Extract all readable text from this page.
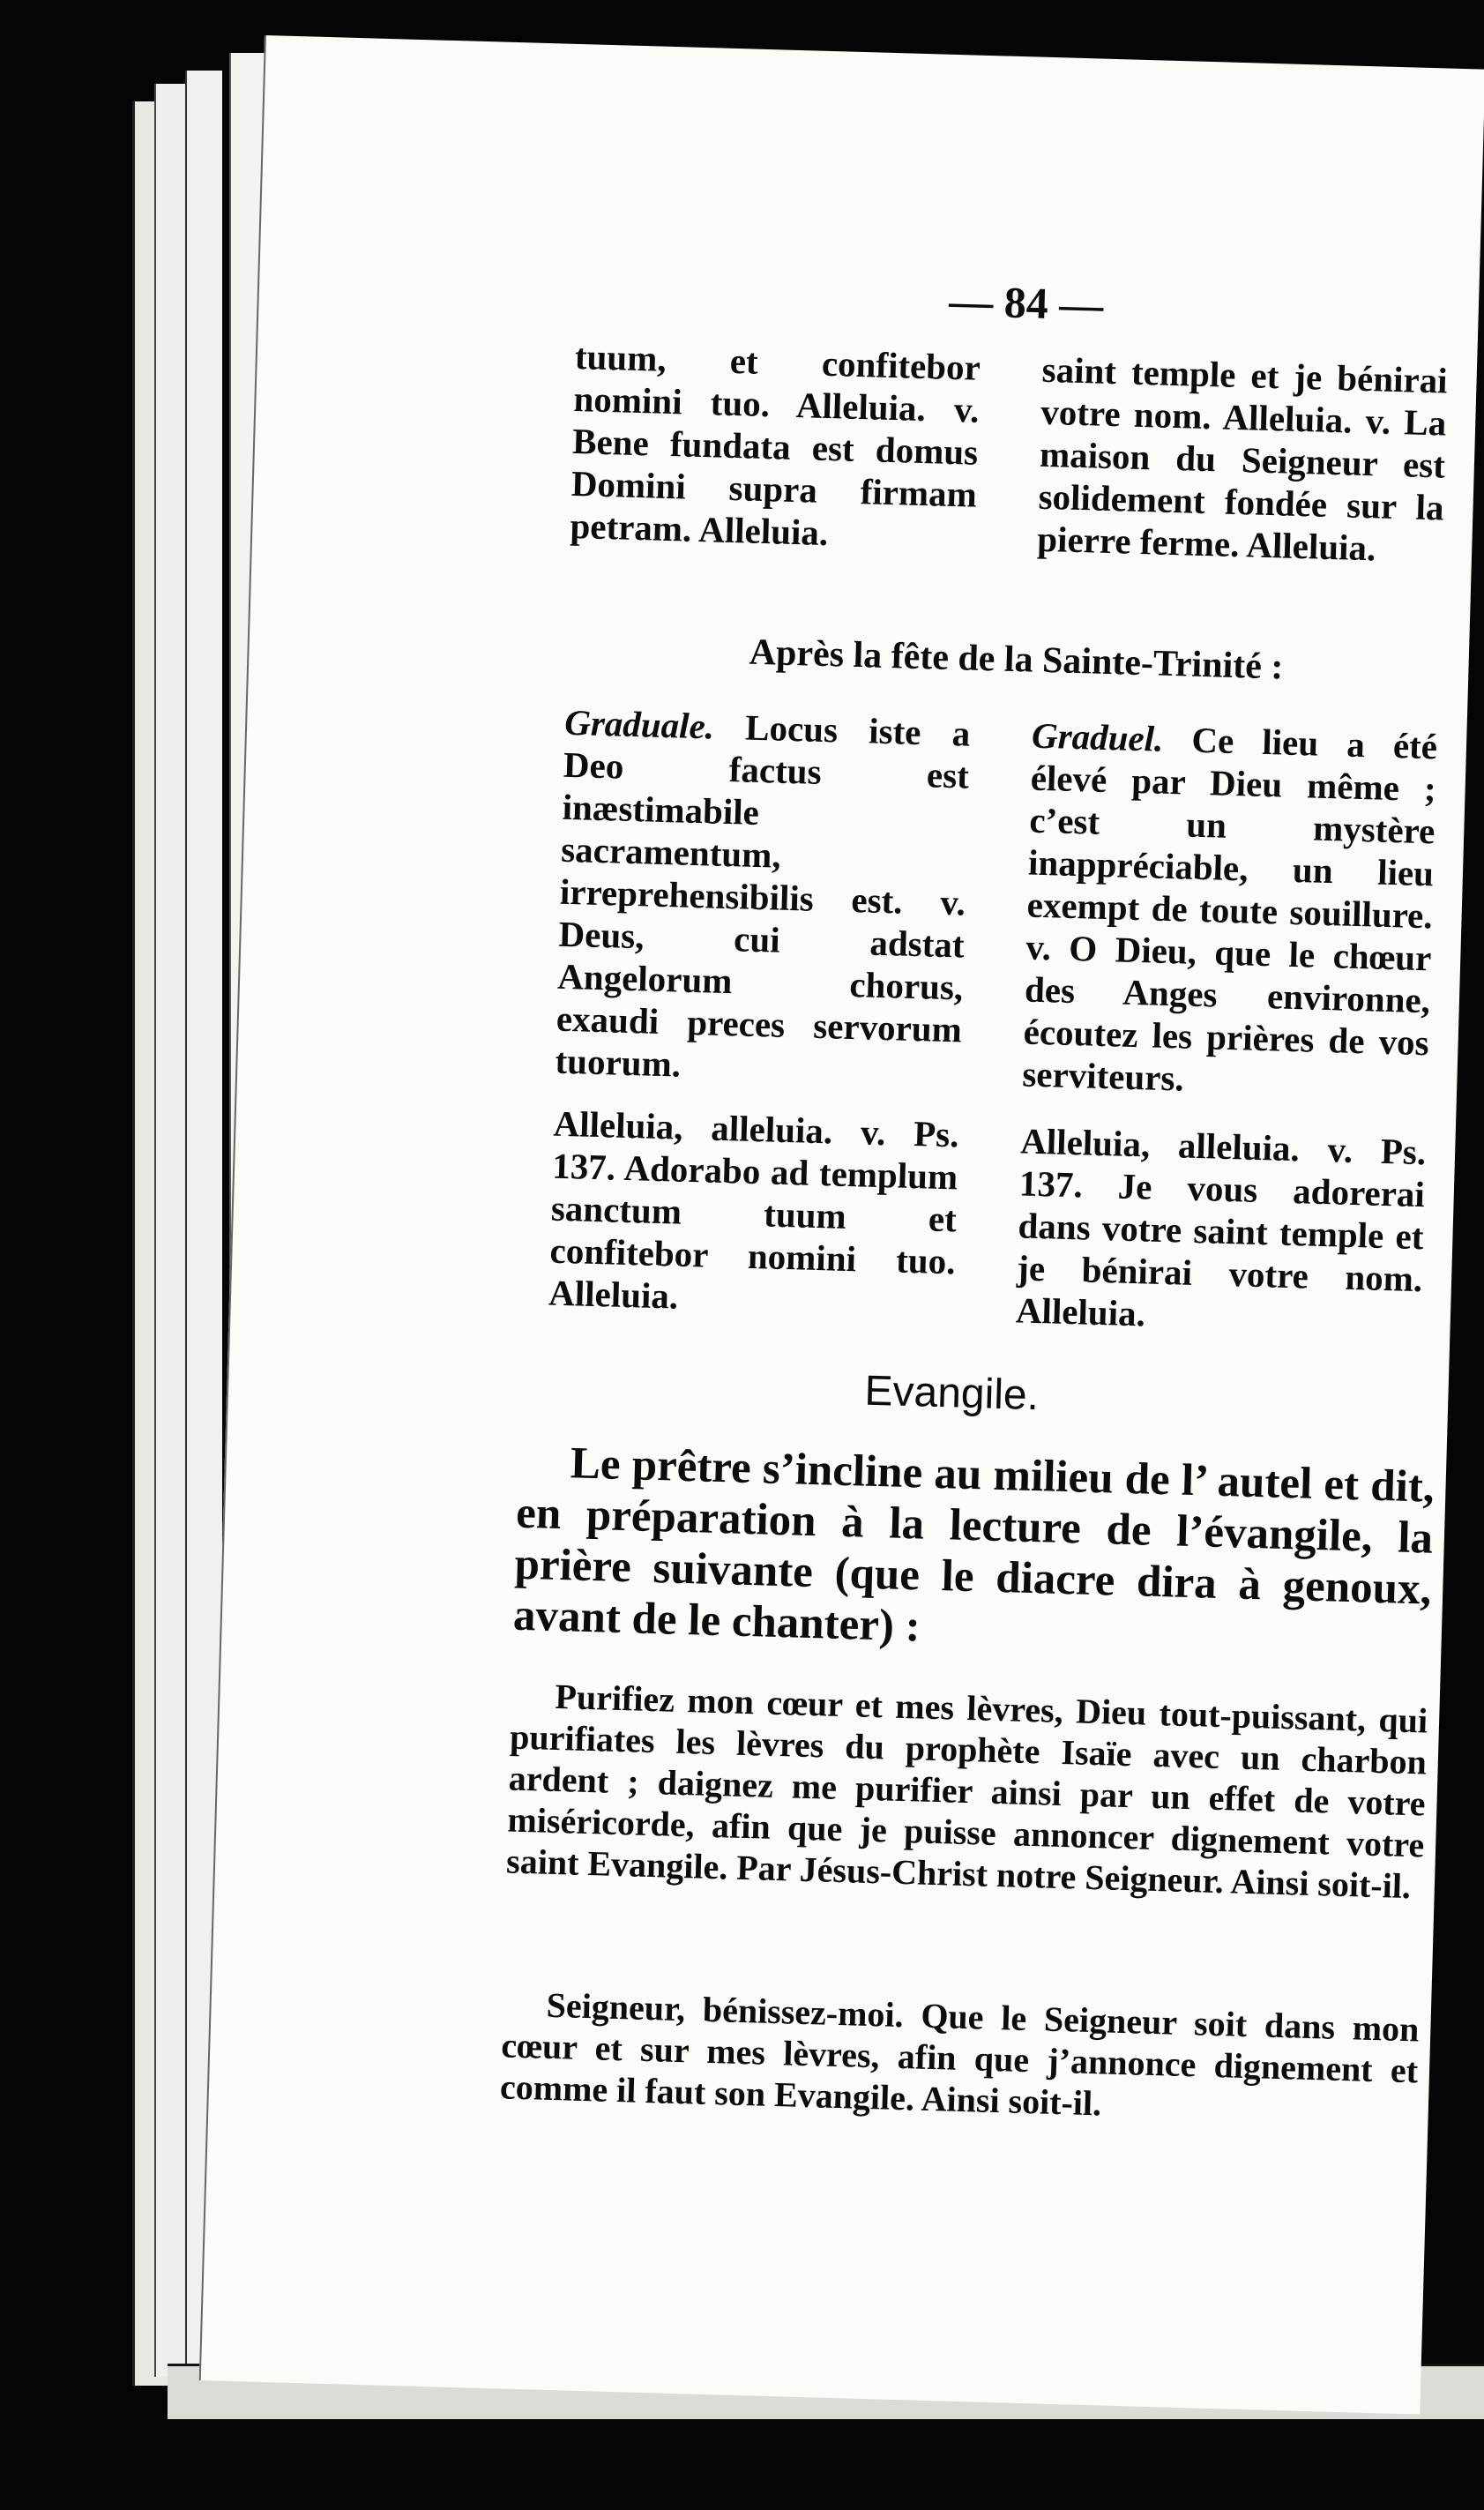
— 84 —
tuum, et confitebor nomini tuo. Alleluia. v. Bene fundata est domus Domini supra firmam petram. Alleluia.
saint temple et je bénirai votre nom. Alleluia. v. La maison du Seigneur est solidement fondée sur la pierre ferme. Alleluia.
Après la fête de la Sainte-Trinité :
Graduale. Locus iste a Deo factus est inæstimabile sacramentum, irreprehensibilis est. v. Deus, cui adstat Angelorum chorus, exaudi preces servorum tuorum.
Graduel. Ce lieu a été élevé par Dieu même ; c’est un mystère inappréciable, un lieu exempt de toute souillure. v. O Dieu, que le chœur des Anges environne, écoutez les prières de vos serviteurs.
Alleluia, alleluia. v. Ps. 137. Adorabo ad templum sanctum tuum et confitebor nomini tuo. Alleluia.
Alleluia, alleluia. v. Ps. 137. Je vous adorerai dans votre saint temple et je bénirai votre nom. Alleluia.
Evangile.
Le prêtre s’incline au milieu de l’ autel et dit, en préparation à la lecture de l’évangile, la prière suivante (que le diacre dira à genoux, avant de le chanter) :
Purifiez mon cœur et mes lèvres, Dieu tout-puissant, qui purifiates les lèvres du prophète Isaïe avec un charbon ardent ; daignez me purifier ainsi par un effet de votre miséricorde, afin que je puisse annoncer dignement votre saint Evangile. Par Jésus-Christ notre Seigneur. Ainsi soit-il.
Seigneur, bénissez-moi. Que le Seigneur soit dans mon cœur et sur mes lèvres, afin que j’annonce dignement et comme il faut son Evangile. Ainsi soit-il.
